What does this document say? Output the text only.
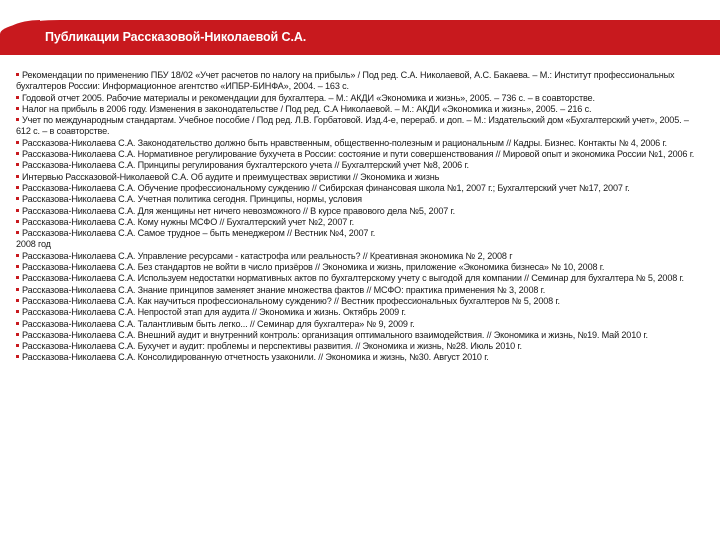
Публикации Рассказовой-Николаевой С.А.

Рекомендации по применению ПБУ 18/02 «Учет расчетов по налогу на прибыль» / Под ред. С.А. Николаевой, А.С. Бакаева. – М.: Институт профессиональных бухгалтеров России: Информационное агентство «ИПБР-БИНФА», 2004. – 163 с.

Годовой отчет 2005. Рабочие материалы и рекомендации для бухгалтера. – М.: АКДИ «Экономика и жизнь», 2005. – 736 с. – в соавторстве.

Налог на прибыль в 2006 году. Изменения в законодательстве / Под ред. С.А Николаевой. – М.: АКДИ «Экономика и жизнь», 2005. – 216 с.

Учет по международным стандартам. Учебное пособие / Под ред. Л.В. Горбатовой. Изд.4-е, перераб. и доп. – М.: Издательский дом «Бухгалтерский учет», 2005. – 612 с. – в соавторстве.

Рассказова-Николаева С.А. Законодательство должно быть нравственным, общественно-полезным и рациональным // Кадры. Бизнес. Контакты № 4, 2006 г.

Рассказова-Николаева С.А. Нормативное регулирование бухучета в России: состояние и пути совершенствования // Мировой опыт и экономика России №1, 2006 г.

Рассказова-Николаева С.А. Принципы регулирования бухгалтерского учета // Бухгалтерский учет №8, 2006 г.

Интервью Рассказовой-Николаевой С.А. Об аудите и преимуществах эвристики // Экономика и жизнь

Рассказова-Николаева С.А. Обучение профессиональному суждению // Сибирская финансовая школа №1, 2007 г.; Бухгалтерский учет №17, 2007 г.

Рассказова-Николаева С.А. Учетная политика сегодня. Принципы, нормы, условия

Рассказова-Николаева С.А. Для женщины нет ничего невозможного // В курсе правового дела №5, 2007 г.

Рассказова-Николаева С.А. Кому нужны МСФО // Бухгалтерский учет №2, 2007 г.

Рассказова-Николаева С.А. Самое трудное – быть менеджером // Вестник №4, 2007 г.

2008 год

Рассказова-Николаева С.А. Управление ресурсами - катастрофа или реальность? // Креативная экономика № 2, 2008 г

Рассказова-Николаева С.А. Без стандартов не войти в число призёров // Экономика и жизнь, приложение «Экономика бизнеса» № 10, 2008 г.

Рассказова-Николаева С.А. Используем недостатки нормативных актов по бухгалтерскому учету с выгодой для компании // Семинар для бухгалтера № 5, 2008 г.

Рассказова-Николаева С.А. Знание принципов заменяет знание множества фактов // МСФО: практика применения № 3, 2008 г.

Рассказова-Николаева С.А. Как научиться профессиональному суждению? // Вестник профессиональных бухгалтеров № 5, 2008 г.

Рассказова-Николаева С.А. Непростой этап для аудита // Экономика и жизнь. Октябрь 2009 г.

Рассказова-Николаева С.А. Талантливым быть легко... // Семинар для бухгалтера» № 9, 2009 г.

Рассказова-Николаева С.А. Внешний аудит и внутренний контроль: организация оптимального взаимодействия. // Экономика и жизнь, №19. Май 2010 г.

Рассказова-Николаева С.А. Бухучет и аудит: проблемы и перспективы развития. // Экономика и жизнь, №28. Июль 2010 г.

Рассказова-Николаева С.А. Консолидированную отчетность узаконили. // Экономика и жизнь, №30. Август 2010 г.
